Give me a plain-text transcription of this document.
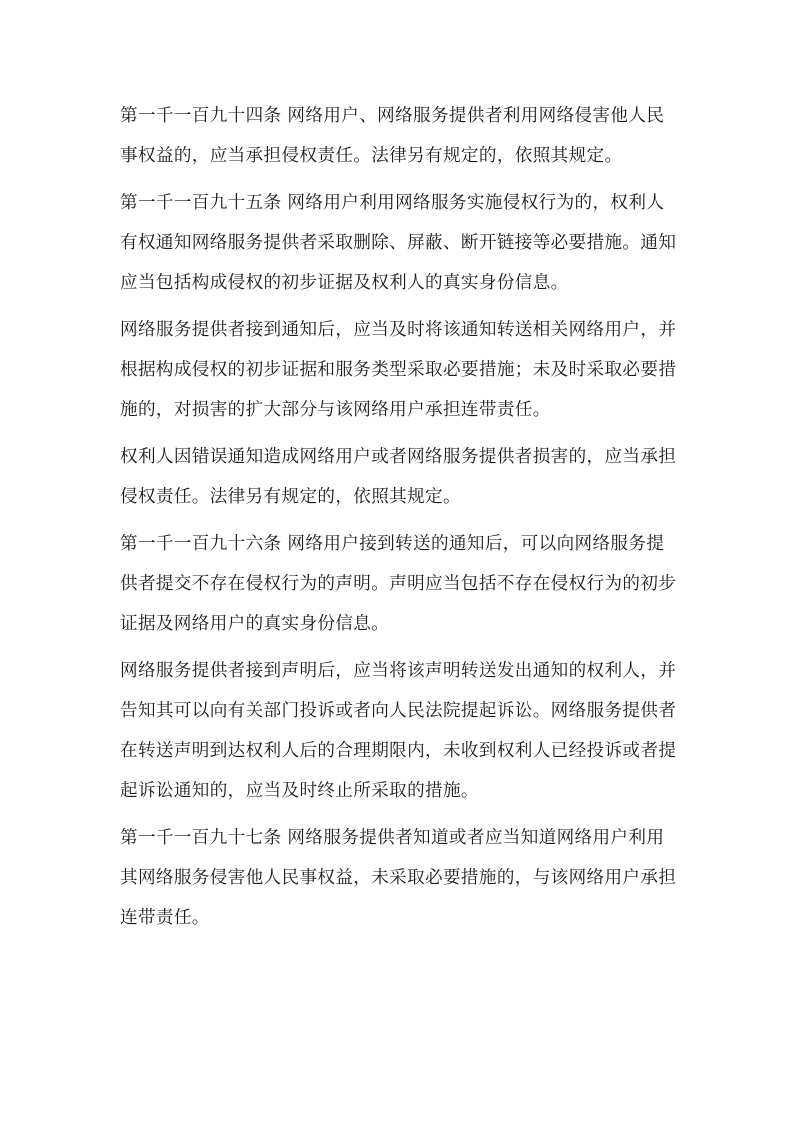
第一千一百九十四条 网络用户、网络服务提供者利用网络侵害他人民
事权益的，应当承担侵权责任。法律另有规定的，依照其规定。

第一千一百九十五条 网络用户利用网络服务实施侵权行为的，权利人
有权通知网络服务提供者采取删除、屏蔽、断开链接等必要措施。通知
应当包括构成侵权的初步证据及权利人的真实身份信息。

网络服务提供者接到通知后，应当及时将该通知转送相关网络用户，并
根据构成侵权的初步证据和服务类型采取必要措施；未及时采取必要措
施的，对损害的扩大部分与该网络用户承担连带责任。

权利人因错误通知造成网络用户或者网络服务提供者损害的，应当承担
侵权责任。法律另有规定的，依照其规定。

第一千一百九十六条 网络用户接到转送的通知后，可以向网络服务提
供者提交不存在侵权行为的声明。声明应当包括不存在侵权行为的初步
证据及网络用户的真实身份信息。

网络服务提供者接到声明后，应当将该声明转送发出通知的权利人，并
告知其可以向有关部门投诉或者向人民法院提起诉讼。网络服务提供者
在转送声明到达权利人后的合理期限内，未收到权利人已经投诉或者提
起诉讼通知的，应当及时终止所采取的措施。

第一千一百九十七条 网络服务提供者知道或者应当知道网络用户利用
其网络服务侵害他人民事权益，未采取必要措施的，与该网络用户承担
连带责任。
